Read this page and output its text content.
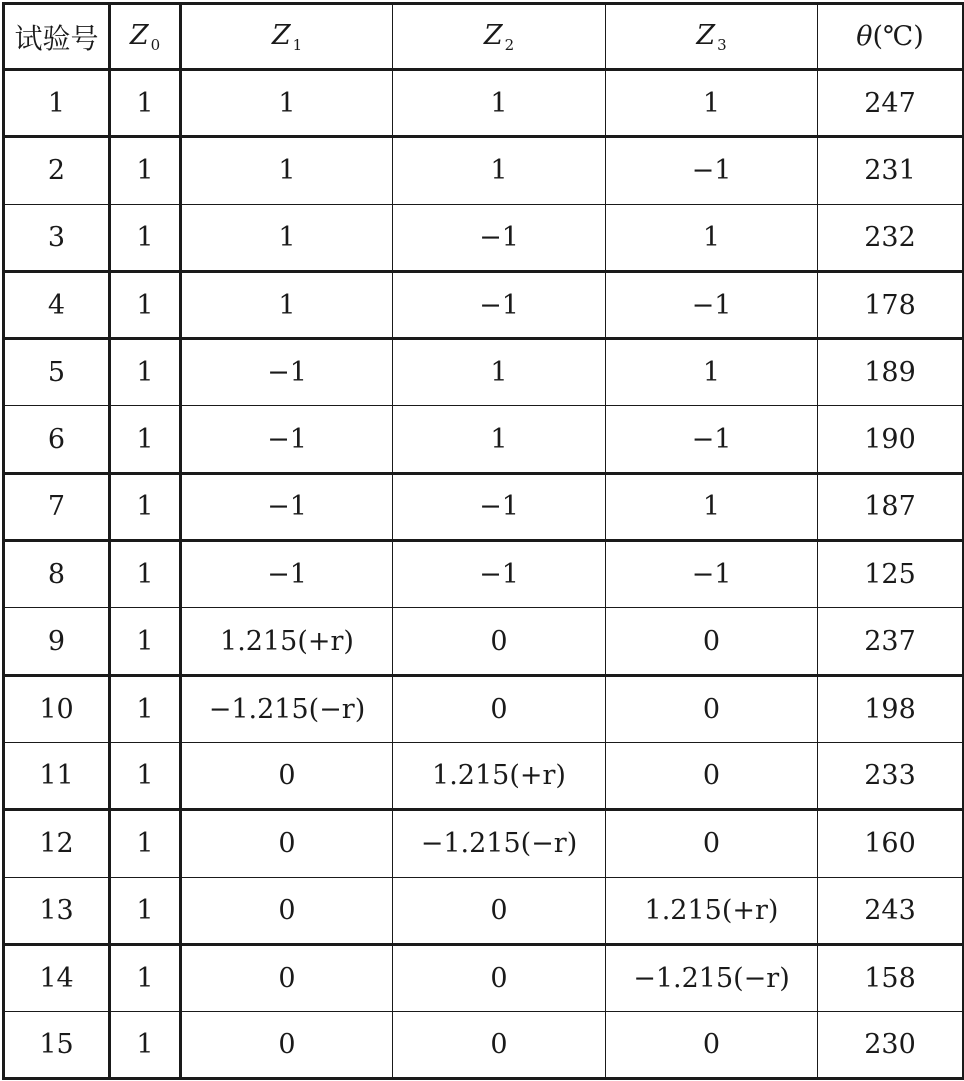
试验号	Z $_0$	Z $_1$	Z $_2$	Z $_3$	θ(℃)
1	1	1	1	1	247
2	1	1	1	−1	231
3	1	1	−1	1	232
4	1	1	−1	−1	178
5	1	−1	1	1	189
6	1	−1	1	−1	190
7	1	−1	−1	1	187
8	1	−1	−1	−1	125
9	1	1.215(+r)	0	0	237
10	1	−1.215(−r)	0	0	198
11	1	0	1.215(+r)	0	233
12	1	0	−1.215(−r)	0	160
13	1	0	0	1.215(+r)	243
14	1	0	0	−1.215(−r)	158
15	1	0	0	0	230
